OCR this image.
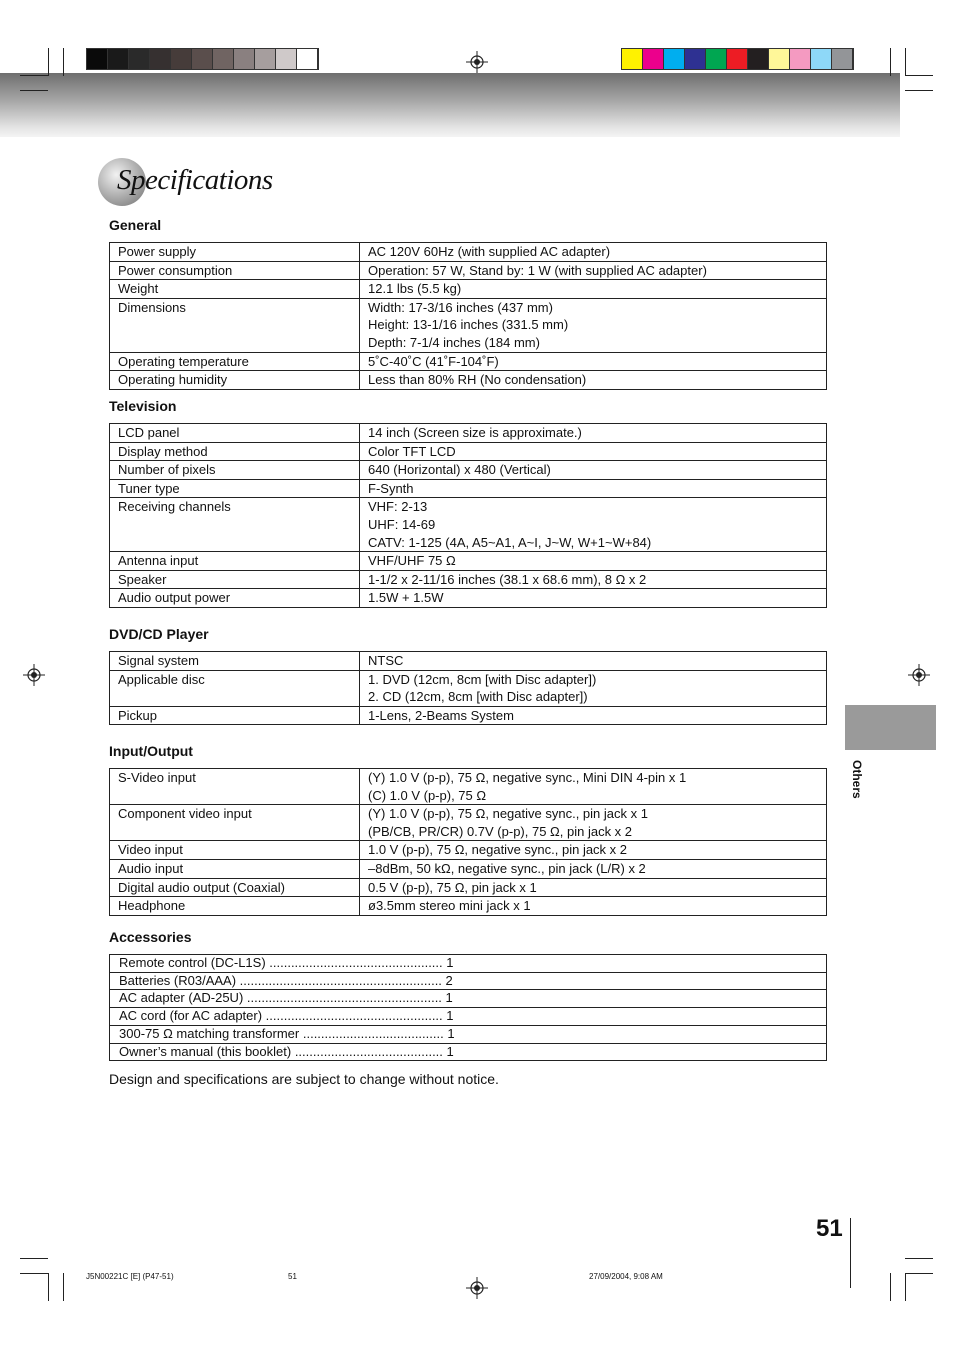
Specifications
General
Power supply	AC 120V 60Hz (with supplied AC adapter)

Power consumption	Operation: 57 W, Stand by: 1 W (with supplied AC adapter)

Weight	12.1 lbs (5.5 kg)

Dimensions	Width: 17-3/16 inches (437 mm)
Height: 13-1/16 inches (331.5 mm)
Depth: 7-1/4 inches (184 mm)

Operating temperature	5˚C-40˚C (41˚F-104˚F)

Operating humidity	Less than 80% RH (No condensation)
Television
LCD panel	14 inch (Screen size is approximate.)

Display method	Color TFT LCD

Number of pixels	640 (Horizontal) x 480 (Vertical)

Tuner type	F-Synth

Receiving channels	VHF: 2-13
UHF: 14-69
CATV: 1-125 (4A, A5~A1, A~I, J~W, W+1~W+84)

Antenna input	VHF/UHF 75 Ω

Speaker	1-1/2 x 2-11/16 inches (38.1 x 68.6 mm), 8 Ω x 2

Audio output power	1.5W + 1.5W
DVD/CD Player
Signal system	NTSC

Applicable disc	1. DVD (12cm, 8cm [with Disc adapter])
2. CD (12cm, 8cm [with Disc adapter])

Pickup	1-Lens, 2-Beams System
Input/Output
S-Video input	(Y) 1.0 V (p-p), 75 Ω, negative sync., Mini DIN 4-pin x 1
(C) 1.0 V (p-p), 75 Ω

Component video input	(Y) 1.0 V (p-p), 75 Ω, negative sync., pin jack x 1
(PB/CB, PR/CR) 0.7V (p-p), 75 Ω, pin jack x 2

Video input	1.0 V (p-p), 75 Ω, negative sync., pin jack x 2

Audio input	–8dBm, 50 kΩ, negative sync., pin jack (L/R) x 2

Digital audio output (Coaxial)	0.5 V (p-p), 75 Ω, pin jack x 1

Headphone	ø3.5mm stereo mini jack x 1
Accessories
Remote control (DC-L1S) ................................................ 1
Batteries (R03/AAA) ........................................................ 2
AC adapter (AD-25U) ...................................................... 1
AC cord (for AC adapter) ................................................. 1
300-75 Ω matching transformer ....................................... 1
Owner’s manual (this booklet) ......................................... 1
Design and specifications are subject to change without notice.
Others
51
J5N00221C [E] (P47-51)	51	27/09/2004, 9:08 AM
